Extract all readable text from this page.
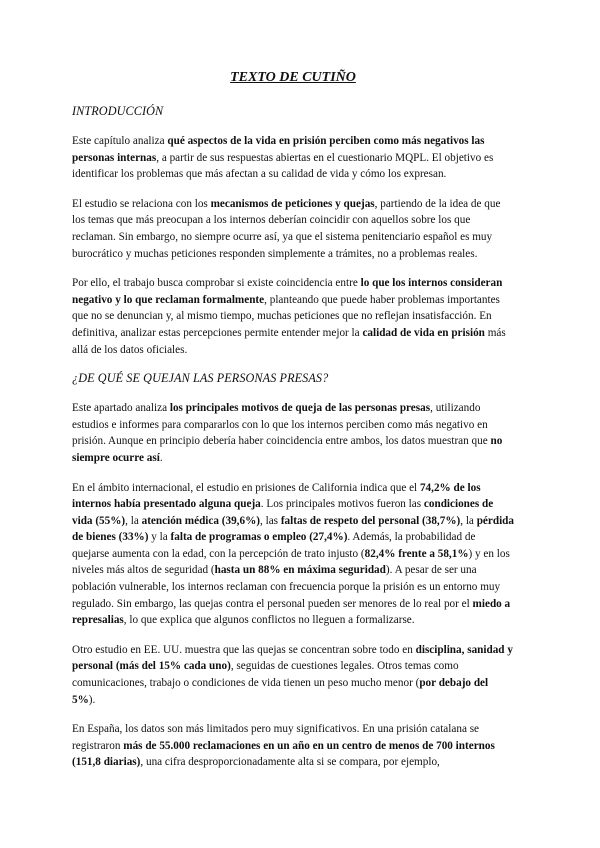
TEXTO DE CUTIÑO
INTRODUCCIÓN

Este capítulo analiza qué aspectos de la vida en prisión perciben como más negativos las personas internas, a partir de sus respuestas abiertas en el cuestionario MQPL. El objetivo es identificar los problemas que más afectan a su calidad de vida y cómo los expresan.

El estudio se relaciona con los mecanismos de peticiones y quejas, partiendo de la idea de que los temas que más preocupan a los internos deberían coincidir con aquellos sobre los que reclaman. Sin embargo, no siempre ocurre así, ya que el sistema penitenciario español es muy burocrático y muchas peticiones responden simplemente a trámites, no a problemas reales.

Por ello, el trabajo busca comprobar si existe coincidencia entre lo que los internos consideran negativo y lo que reclaman formalmente, planteando que puede haber problemas importantes que no se denuncian y, al mismo tiempo, muchas peticiones que no reflejan insatisfacción. En definitiva, analizar estas percepciones permite entender mejor la calidad de vida en prisión más allá de los datos oficiales.

¿DE QUÉ SE QUEJAN LAS PERSONAS PRESAS?

Este apartado analiza los principales motivos de queja de las personas presas, utilizando estudios e informes para compararlos con lo que los internos perciben como más negativo en prisión. Aunque en principio debería haber coincidencia entre ambos, los datos muestran que no siempre ocurre así.

En el ámbito internacional, el estudio en prisiones de California indica que el 74,2% de los internos había presentado alguna queja. Los principales motivos fueron las condiciones de vida (55%), la atención médica (39,6%), las faltas de respeto del personal (38,7%), la pérdida de bienes (33%) y la falta de programas o empleo (27,4%). Además, la probabilidad de quejarse aumenta con la edad, con la percepción de trato injusto (82,4% frente a 58,1%) y en los niveles más altos de seguridad (hasta un 88% en máxima seguridad). A pesar de ser una población vulnerable, los internos reclaman con frecuencia porque la prisión es un entorno muy regulado. Sin embargo, las quejas contra el personal pueden ser menores de lo real por el miedo a represalias, lo que explica que algunos conflictos no lleguen a formalizarse.

Otro estudio en EE. UU. muestra que las quejas se concentran sobre todo en disciplina, sanidad y personal (más del 15% cada uno), seguidas de cuestiones legales. Otros temas como comunicaciones, trabajo o condiciones de vida tienen un peso mucho menor (por debajo del 5%).

En España, los datos son más limitados pero muy significativos. En una prisión catalana se registraron más de 55.000 reclamaciones en un año en un centro de menos de 700 internos (151,8 diarias), una cifra desproporcionadamente alta si se compara, por ejemplo,
